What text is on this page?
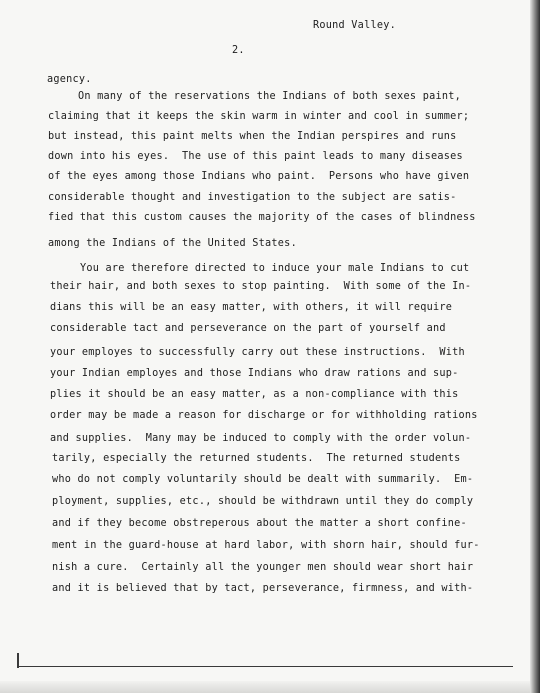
Round Valley.
2.
agency.
On many of the reservations the Indians of both sexes paint,
claiming that it keeps the skin warm in winter and cool in summer;
but instead, this paint melts when the Indian perspires and runs
down into his eyes.  The use of this paint leads to many diseases
of the eyes among those Indians who paint.  Persons who have given
considerable thought and investigation to the subject are satis-
fied that this custom causes the majority of the cases of blindness
among the Indians of the United States.
You are therefore directed to induce your male Indians to cut
their hair, and both sexes to stop painting.  With some of the In-
dians this will be an easy matter, with others, it will require
considerable tact and perseverance on the part of yourself and
your employes to successfully carry out these instructions.  With
your Indian employes and those Indians who draw rations and sup-
plies it should be an easy matter, as a non-compliance with this
order may be made a reason for discharge or for withholding rations
and supplies.  Many may be induced to comply with the order volun-
tarily, especially the returned students.  The returned students
who do not comply voluntarily should be dealt with summarily.  Em-
ployment, supplies, etc., should be withdrawn until they do comply
and if they become obstreperous about the matter a short confine-
ment in the guard-house at hard labor, with shorn hair, should fur-
nish a cure.  Certainly all the younger men should wear short hair
and it is believed that by tact, perseverance, firmness, and with-
